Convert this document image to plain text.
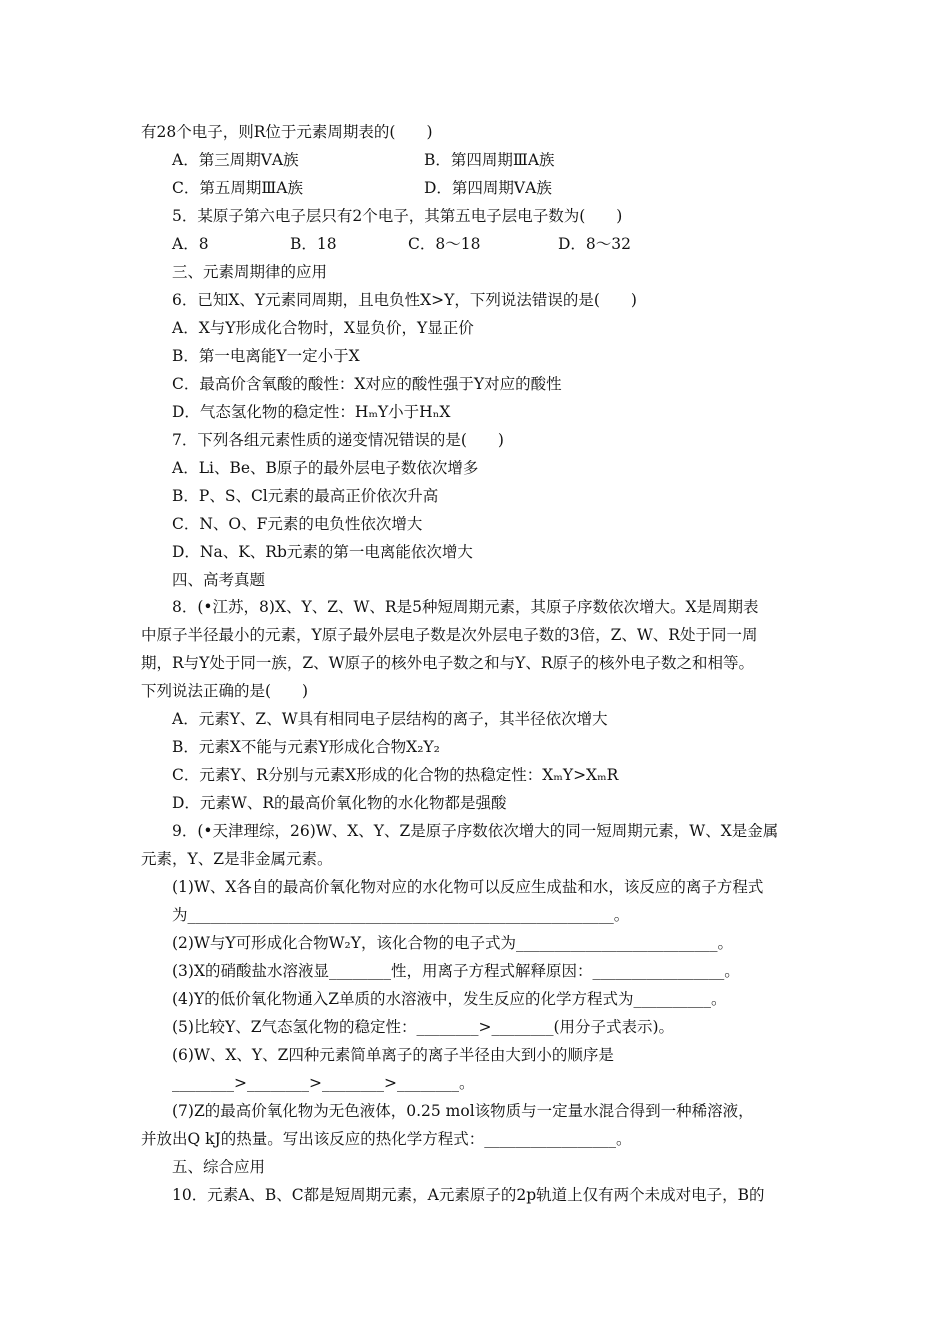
有28个电子，则R位于元素周期表的(　　)
A．第三周期ⅤA族	B．第四周期ⅢA族
C．第五周期ⅢA族	D．第四周期ⅤA族
5．某原子第六电子层只有2个电子，其第五电子层电子数为(　　)
A．8	B．18	C．8～18	D．8～32
三、元素周期律的应用
6．已知X、Y元素同周期，且电负性X>Y，下列说法错误的是(　　)
A．X与Y形成化合物时，X显负价，Y显正价
B．第一电离能Y一定小于X
C．最高价含氧酸的酸性：X对应的酸性强于Y对应的酸性
D．气态氢化物的稳定性：HₘY小于HₙX
7．下列各组元素性质的递变情况错误的是(　　)
A．Li、Be、B原子的最外层电子数依次增多
B．P、S、Cl元素的最高正价依次升高
C．N、O、F元素的电负性依次增大
D．Na、K、Rb元素的第一电离能依次增大
四、高考真题
8．(•江苏，8)X、Y、Z、W、R是5种短周期元素，其原子序数依次增大。X是周期表
中原子半径最小的元素，Y原子最外层电子数是次外层电子数的3倍，Z、W、R处于同一周
期，R与Y处于同一族，Z、W原子的核外电子数之和与Y、R原子的核外电子数之和相等。
下列说法正确的是(　　)
A．元素Y、Z、W具有相同电子层结构的离子，其半径依次增大
B．元素X不能与元素Y形成化合物X₂Y₂
C．元素Y、R分别与元素X形成的化合物的热稳定性：XₘY>XₘR
D．元素W、R的最高价氧化物的水化物都是强酸
9．(•天津理综，26)W、X、Y、Z是原子序数依次增大的同一短周期元素，W、X是金属
元素，Y、Z是非金属元素。
(1)W、X各自的最高价氧化物对应的水化物可以反应生成盐和水，该反应的离子方程式
为_______________________________________________________。
(2)W与Y可形成化合物W₂Y，该化合物的电子式为__________________________。
(3)X的硝酸盐水溶液显________性，用离子方程式解释原因：_________________。
(4)Y的低价氧化物通入Z单质的水溶液中，发生反应的化学方程式为__________。
(5)比较Y、Z气态氢化物的稳定性：________>________(用分子式表示)。
(6)W、X、Y、Z四种元素简单离子的离子半径由大到小的顺序是
________>________>________>________。
(7)Z的最高价氧化物为无色液体，0.25 mol该物质与一定量水混合得到一种稀溶液，
并放出Q kJ的热量。写出该反应的热化学方程式：_________________。
五、综合应用
10．元素A、B、C都是短周期元素，A元素原子的2p轨道上仅有两个未成对电子，B的
